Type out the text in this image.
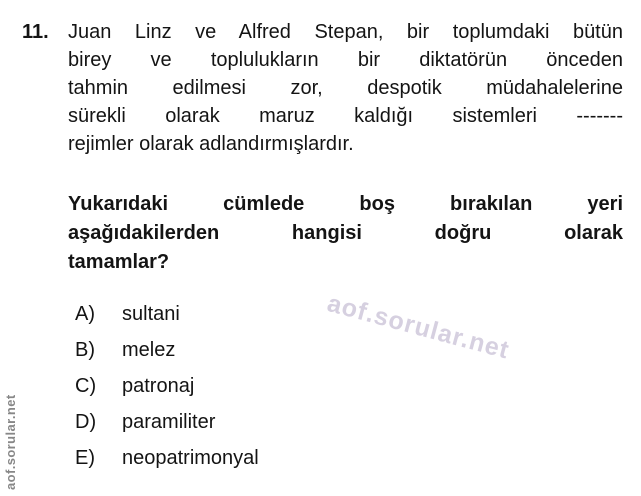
11. Juan Linz ve Alfred Stepan, bir toplumdaki bütün
birey ve toplulukların bir diktatörün önceden
tahmin edilmesi zor, despotik müdahalelerine
sürekli olarak maruz kaldığı sistemleri -------
rejimler olarak adlandırmışlardır.
Yukarıdaki cümlede boş bırakılan yeri
aşağıdakilerden hangisi doğru olarak
tamamlar?
A)	sultani
B)	melez
C)	patronaj
D)	paramiliter
E)	neopatrimonyal
aof.sorular.net
aof.sorular.net
